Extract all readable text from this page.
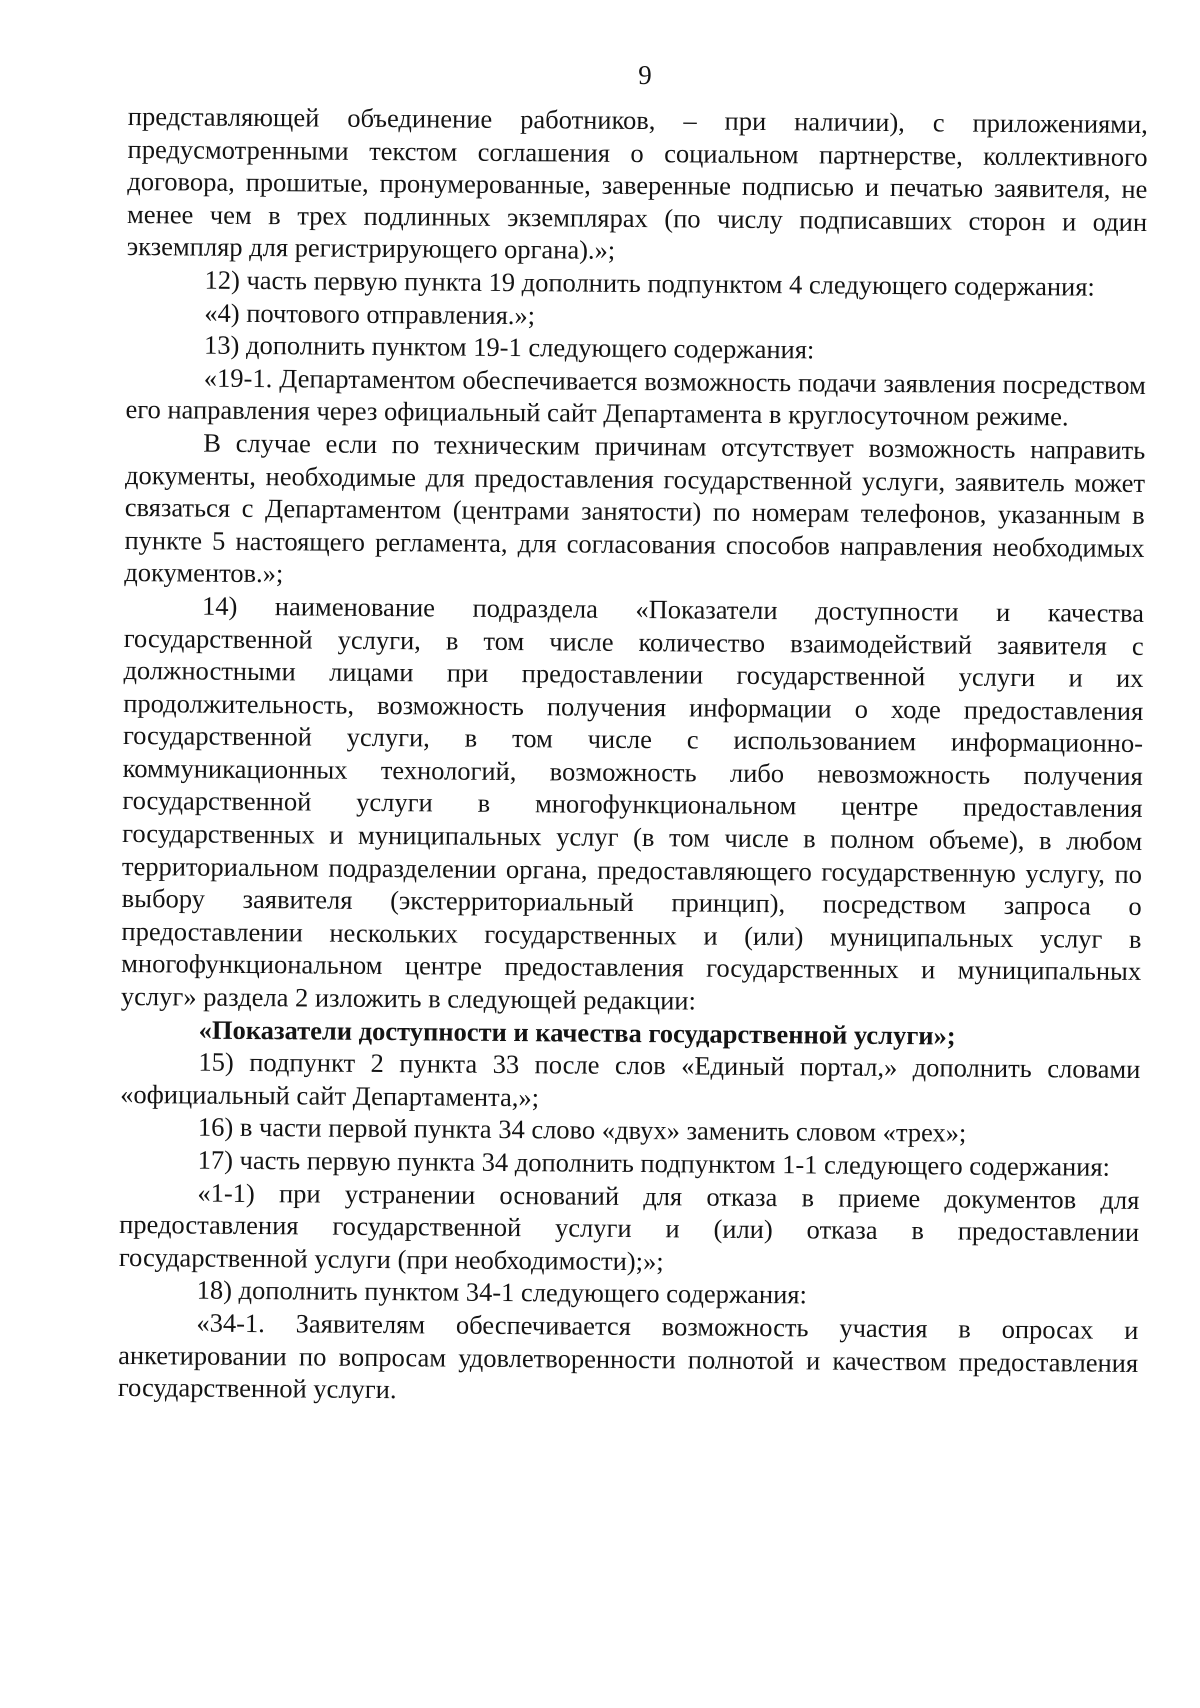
9

представляющей объединение работников, – при наличии), с приложениями, предусмотренными текстом соглашения о социальном партнерстве, коллективного договора, прошитые, пронумерованные, заверенные подписью и печатью заявителя, не менее чем в трех подлинных экземплярах (по числу подписавших сторон и один экземпляр для регистрирующего органа).»;

12) часть первую пункта 19 дополнить подпунктом 4 следующего содержания:

«4) почтового отправления.»;

13) дополнить пунктом 19-1 следующего содержания:

«19-1. Департаментом обеспечивается возможность подачи заявления посредством его направления через официальный сайт Департамента в круглосуточном режиме.

В случае если по техническим причинам отсутствует возможность направить документы, необходимые для предоставления государственной услуги, заявитель может связаться с Департаментом (центрами занятости) по номерам телефонов, указанным в пункте 5 настоящего регламента, для согласования способов направления необходимых документов.»;

14) наименование подраздела «Показатели доступности и качества государственной услуги, в том числе количество взаимодействий заявителя с должностными лицами при предоставлении государственной услуги и их продолжительность, возможность получения информации о ходе предоставления государственной услуги, в том числе с использованием информационно-коммуникационных технологий, возможность либо невозможность получения государственной услуги в многофункциональном центре предоставления государственных и муниципальных услуг (в том числе в полном объеме), в любом территориальном подразделении органа, предоставляющего государственную услугу, по выбору заявителя (экстерриториальный принцип), посредством запроса о предоставлении нескольких государственных и (или) муниципальных услуг в многофункциональном центре предоставления государственных и муниципальных услуг» раздела 2 изложить в следующей редакции:

«Показатели доступности и качества государственной услуги»;

15) подпункт 2 пункта 33 после слов «Единый портал,» дополнить словами «официальный сайт Департамента,»;

16) в части первой пункта 34 слово «двух» заменить словом «трех»;

17) часть первую пункта 34 дополнить подпунктом 1-1 следующего содержания:

«1-1) при устранении оснований для отказа в приеме документов для предоставления государственной услуги и (или) отказа в предоставлении государственной услуги (при необходимости);»;

18) дополнить пунктом 34-1 следующего содержания:

«34-1. Заявителям обеспечивается возможность участия в опросах и анкетировании по вопросам удовлетворенности полнотой и качеством предоставления государственной услуги.
